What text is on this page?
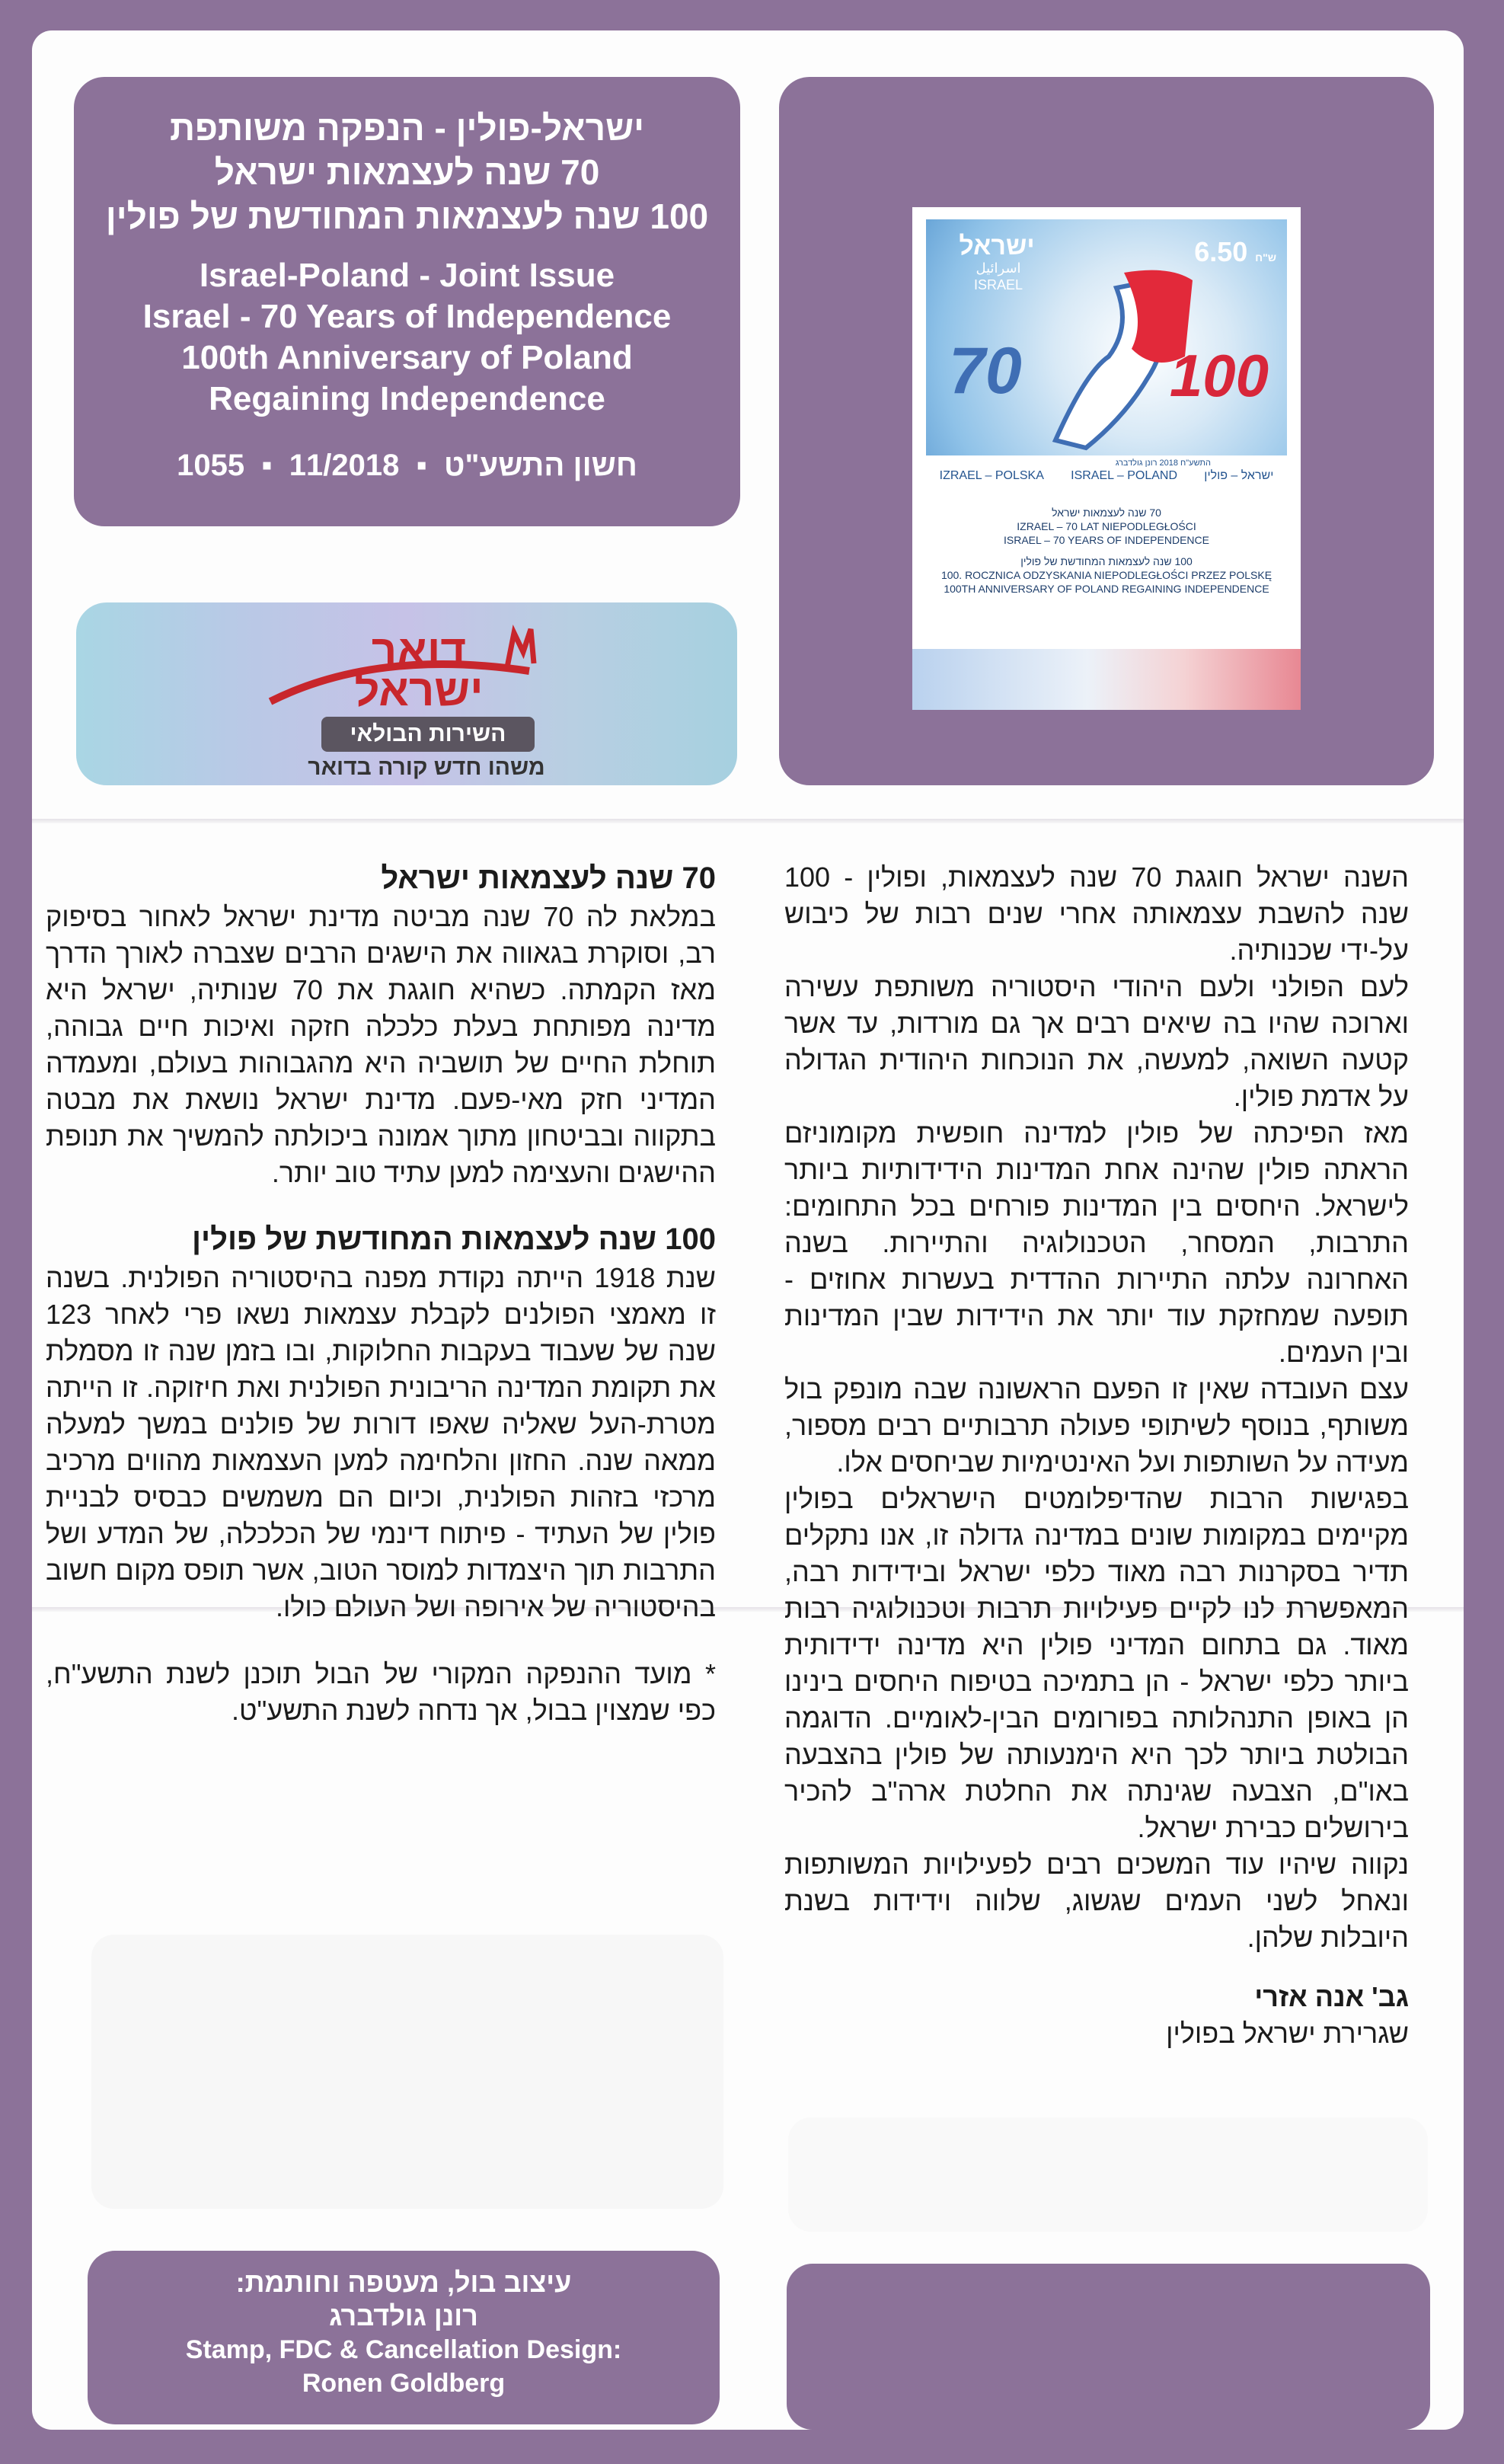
ישראל-פולין - הנפקה משותפת

70 שנה לעצמאות ישראל

100 שנה לעצמאות המחודשת של פולין

Israel-Poland - Joint Issue

Israel - 70 Years of Independence

100th Anniversary of Poland

Regaining Independence

1055 ▪ 11/2018 ▪ חשון התשע"ט
דואר
ישראל
השירות הבולאי
משהו חדש קורה בדואר
ישראל
اسرائيل
ISRAEL
6.50 ש"ח
70 100
התשע"ח 2018 רונן גולדברג
IZRAEL – POLSKA ISRAEL – POLAND ישראל – פולין
70 שנה לעצמאות ישראל
IZRAEL – 70 LAT NIEPODLEGŁOŚCI
ISRAEL – 70 YEARS OF INDEPENDENCE
100 שנה לעצמאות המחודשת של פולין
100. ROCZNICA ODZYSKANIA NIEPODLEGŁOŚCI PRZEZ POLSKĘ
100TH ANNIVERSARY OF POLAND REGAINING INDEPENDENCE

השנה ישראל חוגגת 70 שנה לעצמאות, ופולין - 100 שנה להשבת עצמאותה אחרי שנים רבות של כיבוש על-ידי שכנותיה.

לעם הפולני ולעם היהודי היסטוריה משותפת עשירה וארוכה שהיו בה שיאים רבים אך גם מורדות, עד אשר קטעה השואה, למעשה, את הנוכחות היהודית הגדולה על אדמת פולין.

מאז הפיכתה של פולין למדינה חופשית מקומוניזם הראתה פולין שהינה אחת המדינות הידידותיות ביותר לישראל. היחסים בין המדינות פורחים בכל התחומים: התרבות, המסחר, הטכנולוגיה והתיירות. בשנה האחרונה עלתה התיירות ההדדית בעשרות אחוזים - תופעה שמחזקת עוד יותר את הידידות שבין המדינות ובין העמים.

עצם העובדה שאין זו הפעם הראשונה שבה מונפק בול משותף, בנוסף לשיתופי פעולה תרבותיים רבים מספור, מעידה על השותפות ועל האינטימיות שביחסים אלו.

בפגישות הרבות שהדיפלומטים הישראלים בפולין מקיימים במקומות שונים במדינה גדולה זו, אנו נתקלים תדיר בסקרנות רבה מאוד כלפי ישראל ובידידות רבה, המאפשרת לנו לקיים פעילויות תרבות וטכנולוגיה רבות מאוד. גם בתחום המדיני פולין היא מדינה ידידותית ביותר כלפי ישראל - הן בתמיכה בטיפוח היחסים בינינו הן באופן התנהלותה בפורומים הבין-לאומיים. הדוגמה הבולטת ביותר לכך היא הימנעותה של פולין בהצבעה באו"ם, הצבעה שגינתה את החלטת ארה"ב להכיר בירושלים כבירת ישראל.

נקווה שיהיו עוד המשכים רבים לפעילויות המשותפות ונאחל לשני העמים שגשוג, שלווה וידידות בשנת היובלות שלהן.

גב' אנה אזרי
שגרירת ישראל בפולין
70 שנה לעצמאות ישראל

במלאת לה 70 שנה מביטה מדינת ישראל לאחור בסיפוק רב, וסוקרת בגאווה את הישגים הרבים שצברה לאורך הדרך מאז הקמתה. כשהיא חוגגת את 70 שנותיה, ישראל היא מדינה מפותחת בעלת כלכלה חזקה ואיכות חיים גבוהה, תוחלת החיים של תושביה היא מהגבוהות בעולם, ומעמדה המדיני חזק מאי-פעם. מדינת ישראל נושאת את מבטה בתקווה ובביטחון מתוך אמונה ביכולתה להמשיך את תנופת ההישגים והעצימה למען עתיד טוב יותר.

100 שנה לעצמאות המחודשת של פולין

שנת 1918 הייתה נקודת מפנה בהיסטוריה הפולנית. בשנה זו מאמצי הפולנים לקבלת עצמאות נשאו פרי לאחר 123 שנה של שעבוד בעקבות החלוקות, ובו בזמן שנה זו מסמלת את תקומת המדינה הריבונית הפולנית ואת חיזוקה. זו הייתה מטרת-העל שאליה שאפו דורות של פולנים במשך למעלה ממאה שנה. החזון והלחימה למען העצמאות מהווים מרכיב מרכזי בזהות הפולנית, וכיום הם משמשים כבסיס לבניית פולין של העתיד - פיתוח דינמי של הכלכלה, של המדע ושל התרבות תוך היצמדות למוסר הטוב, אשר תופס מקום חשוב בהיסטוריה של אירופה ושל העולם כולו.

* מועד ההנפקה המקורי של הבול תוכנן לשנת התשע"ח, כפי שמצוין בבול, אך נדחה לשנת התשע"ט.

עיצוב בול, מעטפה וחותמת:

רונן גולדברג

Stamp, FDC & Cancellation Design:

Ronen Goldberg
